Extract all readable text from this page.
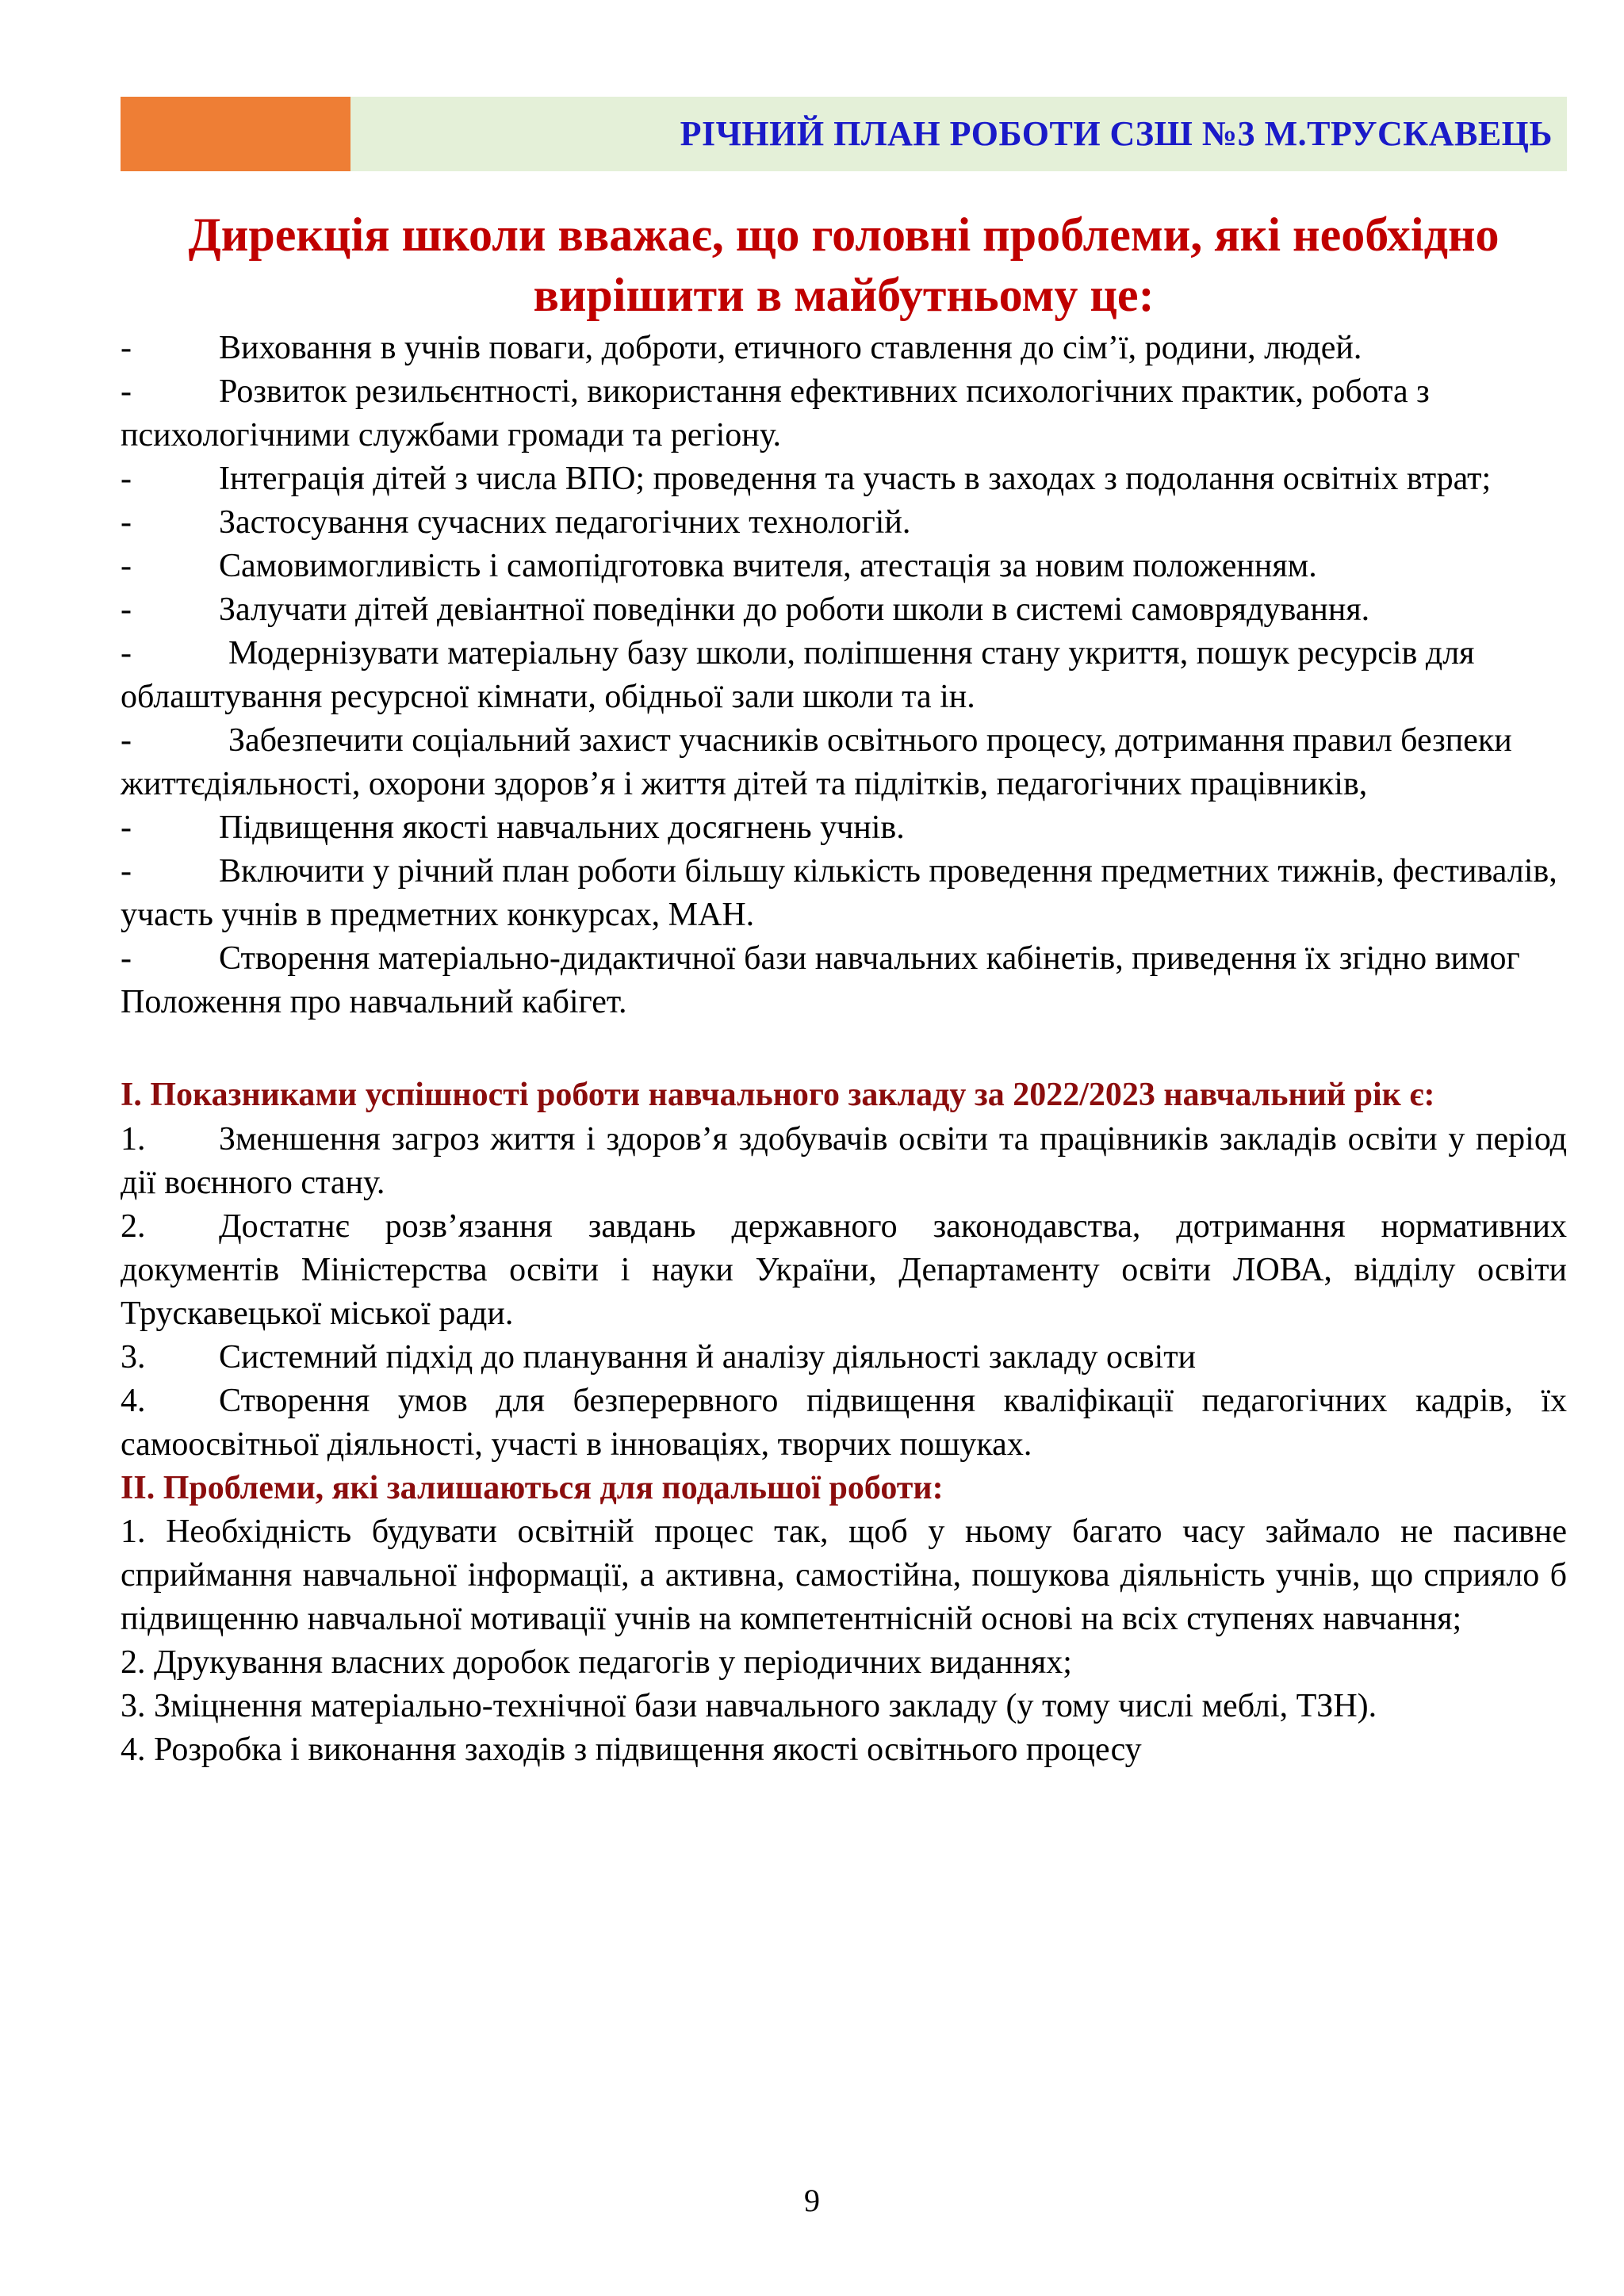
РІЧНИЙ ПЛАН РОБОТИ СЗШ №3 М.ТРУСКАВЕЦЬ
Дирекція школи вважає, що головні проблеми, які необхідно
вирішити в майбутньому це:

-	Виховання в учнів поваги, доброти, етичного ставлення до сім’ї, родини, людей.

-	Розвиток резильєнтності, використання ефективних психологічних практик, робота з психологічними службами громади та регіону.

-	Інтеграція дітей з числа ВПО; проведення та участь в заходах з подолання освітніх втрат;

-	Застосування сучасних педагогічних технологій.

-	Самовимогливість і самопідготовка вчителя, атестація за новим положенням.

-	Залучати дітей девіантної поведінки до роботи школи в системі самоврядування.

-	Модернізувати матеріальну базу школи, поліпшення стану укриття, пошук ресурсів для облаштування ресурсної кімнати, обідньої зали школи та ін.

-	Забезпечити соціальний захист учасників освітнього процесу, дотримання правил безпеки життєдіяльності, охорони здоров’я і життя дітей та підлітків, педагогічних працівників,

-	Підвищення якості навчальних досягнень учнів.

-	Включити у річний план роботи більшу кількість проведення предметних тижнів, фестивалів, участь учнів в предметних конкурсах, МАН.

-	Створення матеріально-дидактичної бази навчальних кабінетів, приведення їх згідно вимог Положення про навчальний кабігет.

І. Показниками успішності роботи навчального закладу за 2022/2023 навчальний рік є:

1. Зменшення загроз життя і здоров’я здобувачів освіти та працівників закладів освіти у період дії воєнного стану.

2. Достатнє розв’язання завдань державного законодавства, дотримання нормативних документів Міністерства освіти і науки України, Департаменту освіти ЛОВА, відділу освіти Трускавецької міської ради.

3. Системний підхід до планування й аналізу діяльності закладу освіти

4. Створення умов для безперервного підвищення кваліфікації педагогічних кадрів, їх самоосвітньої діяльності, участі в інноваціях, творчих пошуках.

ІІ. Проблеми, які залишаються для подальшої роботи:

1. Необхідність будувати освітній процес так, щоб у ньому багато часу займало не пасивне сприймання навчальної інформації, а активна, самостійна, пошукова діяльність учнів, що сприяло б підвищенню навчальної мотивації учнів на компетентнісній основі на всіх ступенях навчання;

2. Друкування власних доробок педагогів у періодичних виданнях;

3. Зміцнення матеріально-технічної бази навчального закладу (у тому числі меблі, ТЗН).

4. Розробка і виконання заходів з підвищення якості освітнього процесу

9
